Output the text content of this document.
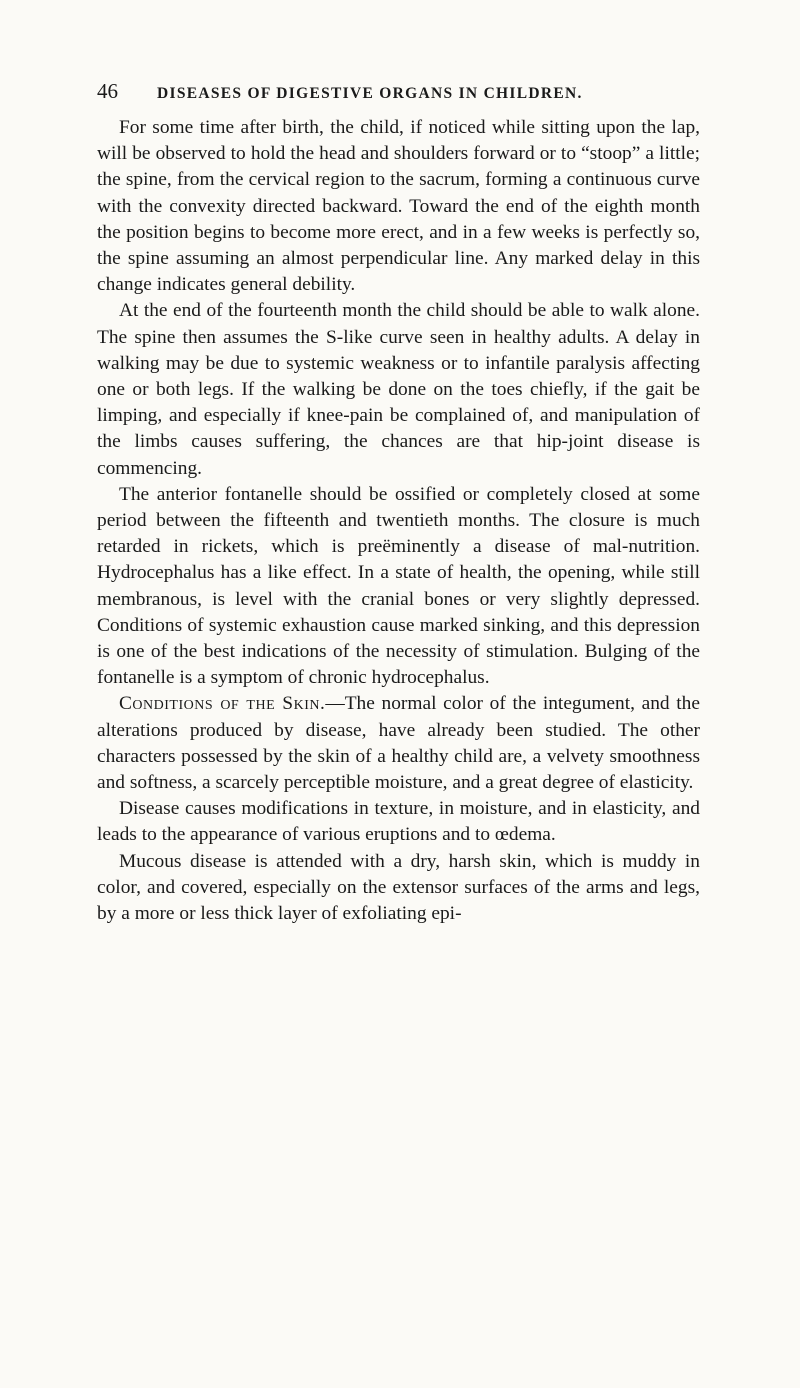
46	DISEASES OF DIGESTIVE ORGANS IN CHILDREN.

For some time after birth, the child, if noticed while sitting upon the lap, will be observed to hold the head and shoulders forward or to “stoop” a little; the spine, from the cervical region to the sacrum, forming a continuous curve with the convexity directed backward. Toward the end of the eighth month the position begins to become more erect, and in a few weeks is perfectly so, the spine assuming an almost perpendicular line. Any marked delay in this change indicates general debility.

At the end of the fourteenth month the child should be able to walk alone. The spine then assumes the S-like curve seen in healthy adults. A delay in walking may be due to systemic weakness or to infantile paralysis affecting one or both legs. If the walking be done on the toes chiefly, if the gait be limping, and especially if knee-pain be complained of, and manipulation of the limbs causes suffering, the chances are that hip-joint disease is commencing.

The anterior fontanelle should be ossified or completely closed at some period between the fifteenth and twentieth months. The closure is much retarded in rickets, which is preëminently a disease of mal-nutrition. Hydrocephalus has a like effect. In a state of health, the opening, while still membranous, is level with the cranial bones or very slightly depressed. Conditions of systemic exhaustion cause marked sinking, and this depression is one of the best indications of the necessity of stimulation. Bulging of the fontanelle is a symptom of chronic hydrocephalus.

Conditions of the Skin.—The normal color of the integument, and the alterations produced by disease, have already been studied. The other characters possessed by the skin of a healthy child are, a velvety smoothness and softness, a scarcely perceptible moisture, and a great degree of elasticity.

Disease causes modifications in texture, in moisture, and in elasticity, and leads to the appearance of various eruptions and to œdema.

Mucous disease is attended with a dry, harsh skin, which is muddy in color, and covered, especially on the extensor surfaces of the arms and legs, by a more or less thick layer of exfoliating epi-
